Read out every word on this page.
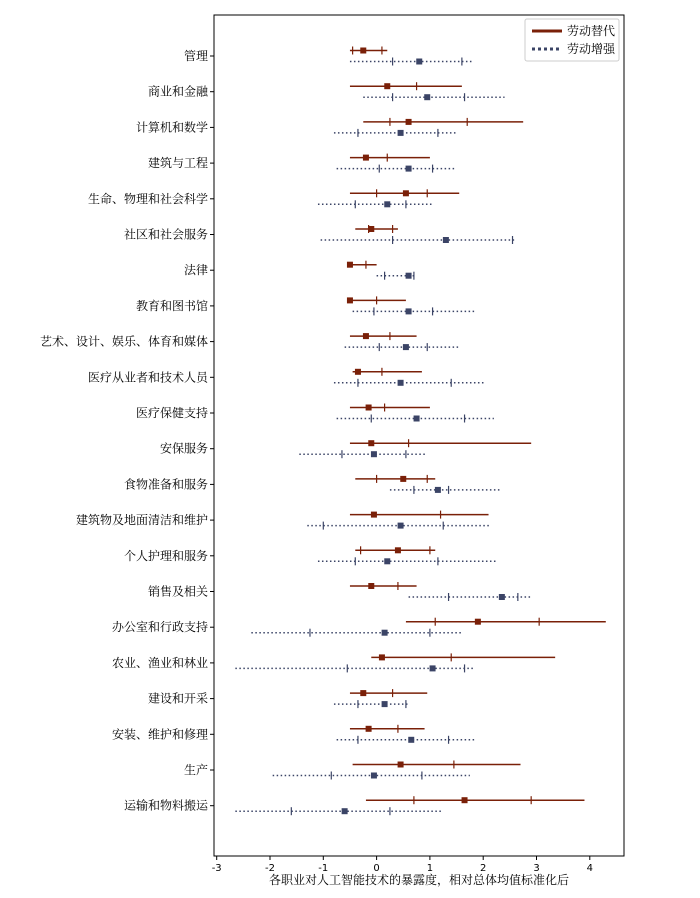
管理
商业和金融
计算机和数学
建筑与工程
生命、物理和社会科学
社区和社会服务
法律
教育和图书馆
艺术、设计、娱乐、体育和媒体
医疗从业者和技术人员
医疗保健支持
安保服务
食物准备和服务
建筑物及地面清洁和维护
个人护理和服务
销售及相关
办公室和行政支持
农业、渔业和林业
建设和开采
安装、维护和修理
生产
运输和物料搬运
-3	-2	-1	0	1	2	3	4
各职业对人工智能技术的暴露度，相对总体均值标准化后
劳动替代
劳动增强
